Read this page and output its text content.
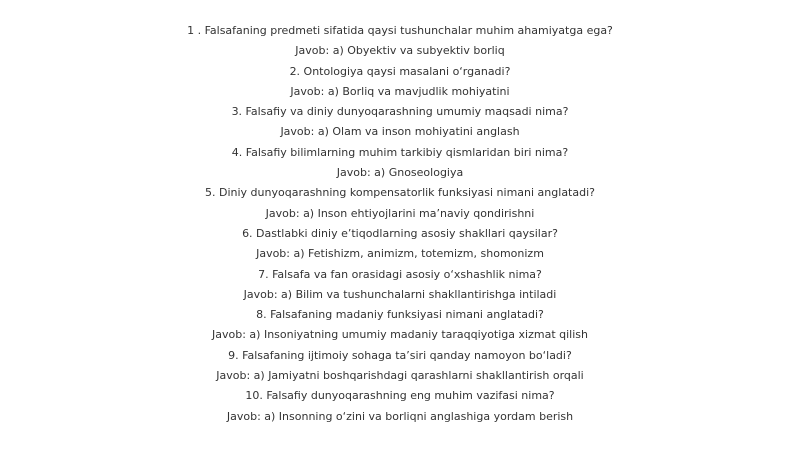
1 . Falsafaning predmeti sifatida qaysi tushunchalar muhim ahamiyatga ega?
Javob: a) Obyektiv va subyektiv borliq
2. Ontologiya qaysi masalani o‘rganadi?
Javob: a) Borliq va mavjudlik mohiyatini
3. Falsafiy va diniy dunyoqarashning umumiy maqsadi nima?
Javob: a) Olam va inson mohiyatini anglash
4. Falsafiy bilimlarning muhim tarkibiy qismlaridan biri nima?
Javob: a) Gnoseologiya
5. Diniy dunyoqarashning kompensatorlik funksiyasi nimani anglatadi?
Javob: a) Inson ehtiyojlarini ma’naviy qondirishni
6. Dastlabki diniy e’tiqodlarning asosiy shakllari qaysilar?
Javob: a) Fetishizm, animizm, totemizm, shomonizm
7. Falsafa va fan orasidagi asosiy o‘xshashlik nima?
Javob: a) Bilim va tushunchalarni shakllantirishga intiladi
8. Falsafaning madaniy funksiyasi nimani anglatadi?
Javob: a) Insoniyatning umumiy madaniy taraqqiyotiga xizmat qilish
9. Falsafaning ijtimoiy sohaga ta’siri qanday namoyon bo‘ladi?
Javob: a) Jamiyatni boshqarishdagi qarashlarni shakllantirish orqali
10. Falsafiy dunyoqarashning eng muhim vazifasi nima?
Javob: a) Insonning o‘zini va borliqni anglashiga yordam berish
